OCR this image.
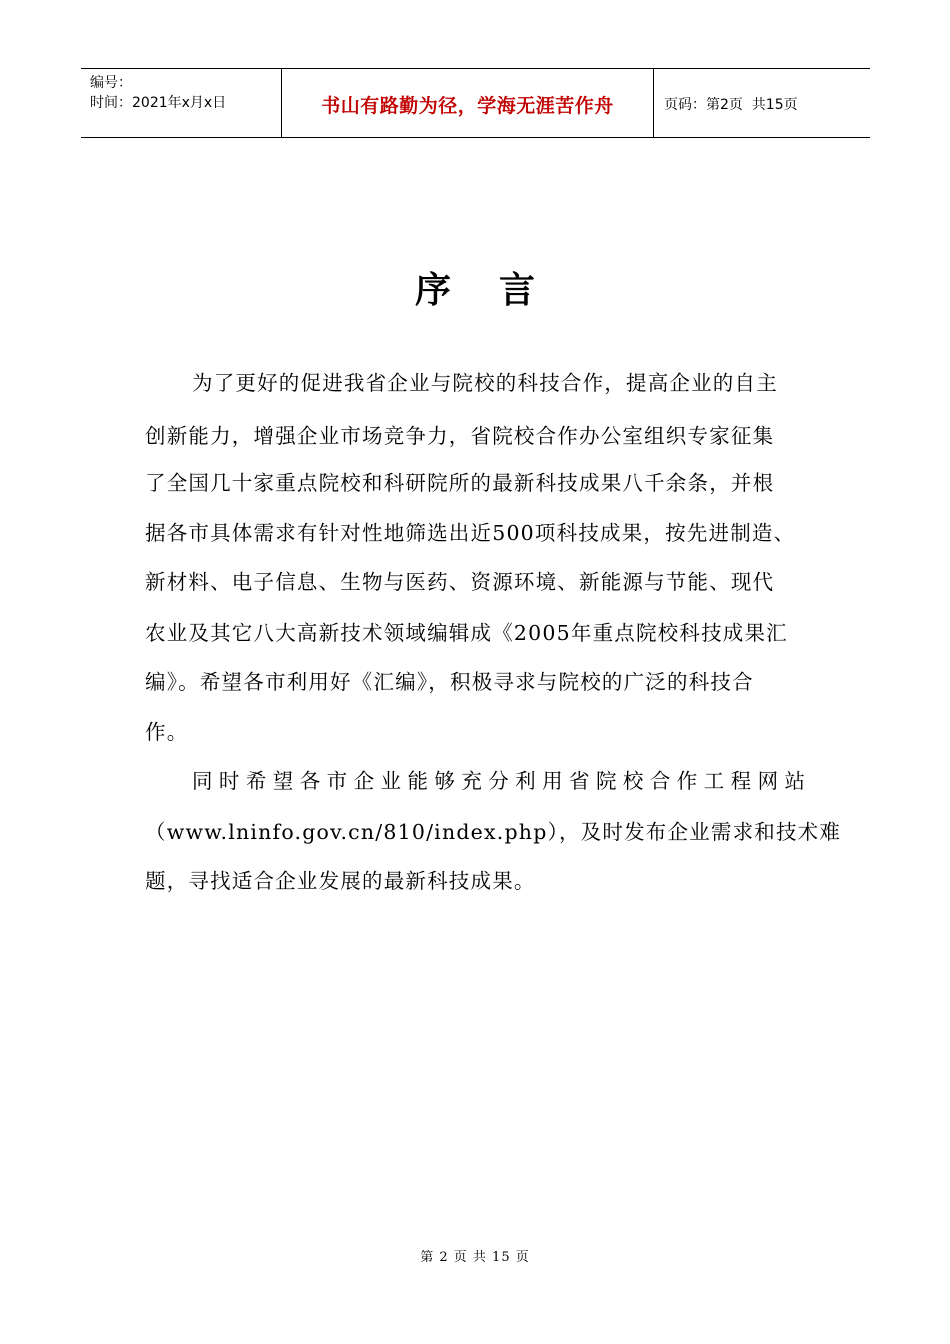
编号：
时间：2021年x月x日	书山有路勤为径，学海无涯苦作舟	页码：第2页  共15页
序言
为了更好的促进我省企业与院校的科技合作，提高企业的自主
创新能力，增强企业市场竞争力，省院校合作办公室组织专家征集
了全国几十家重点院校和科研院所的最新科技成果八千余条，并根
据各市具体需求有针对性地筛选出近500项科技成果，按先进制造、
新材料、电子信息、生物与医药、资源环境、新能源与节能、现代
农业及其它八大高新技术领域编辑成《2005年重点院校科技成果汇
编》。希望各市利用好《汇编》，积极寻求与院校的广泛的科技合
作。
同时希望各市企业能够充分利用省院校合作工程网站
（www.lninfo.gov.cn/810/index.php），及时发布企业需求和技术难
题，寻找适合企业发展的最新科技成果。
第 2 页 共 15 页
